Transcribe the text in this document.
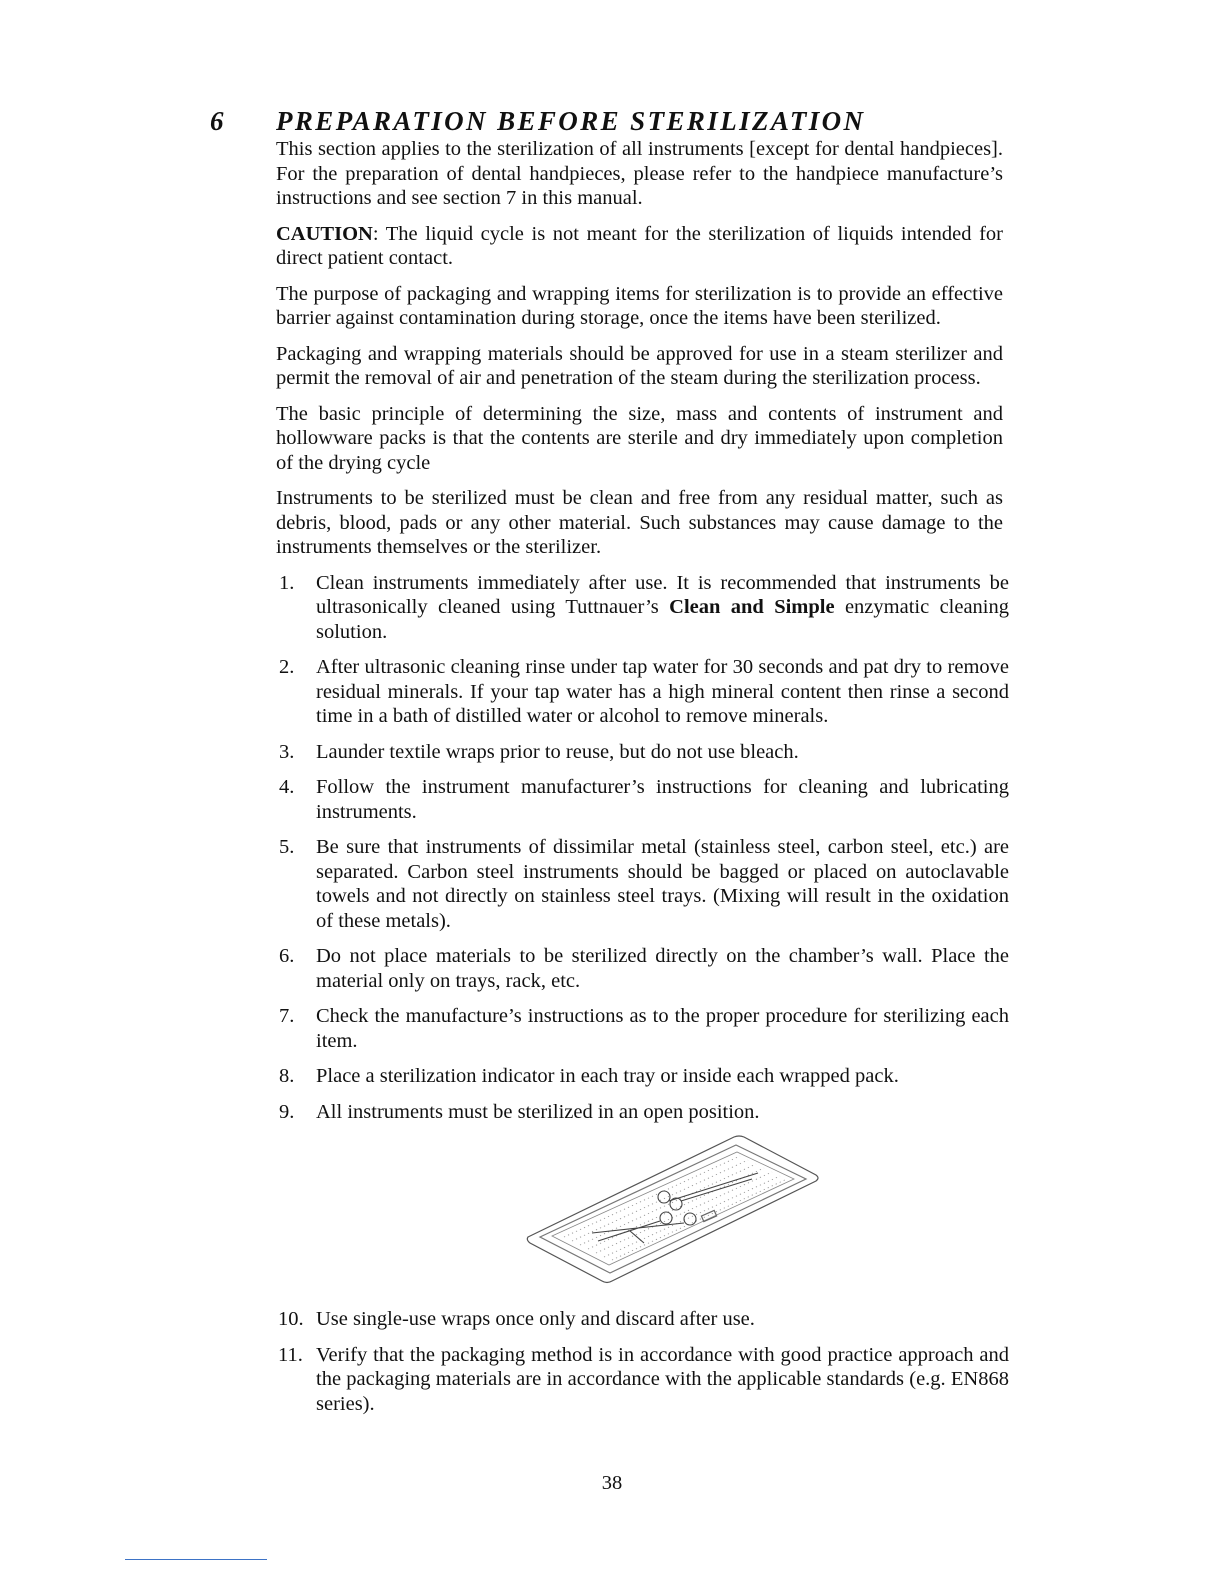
6 PREPARATION BEFORE STERILIZATION

This section applies to the sterilization of all instruments [except for dental handpieces]. For the preparation of dental handpieces, please refer to the handpiece manufacture’s instructions and see section 7 in this manual.

CAUTION: The liquid cycle is not meant for the sterilization of liquids intended for direct patient contact.

The purpose of packaging and wrapping items for sterilization is to provide an effective barrier against contamination during storage, once the items have been sterilized.

Packaging and wrapping materials should be approved for use in a steam sterilizer and permit the removal of air and penetration of the steam during the sterilization process.

The basic principle of determining the size, mass and contents of instrument and hollowware packs is that the contents are sterile and dry immediately upon completion of the drying cycle

Instruments to be sterilized must be clean and free from any residual matter, such as debris, blood, pads or any other material. Such substances may cause damage to the instruments themselves or the sterilizer.

1. Clean instruments immediately after use. It is recommended that instruments be ultrasonically cleaned using Tuttnauer’s Clean and Simple enzymatic cleaning solution.
2. After ultrasonic cleaning rinse under tap water for 30 seconds and pat dry to remove residual minerals. If your tap water has a high mineral content then rinse a second time in a bath of distilled water or alcohol to remove minerals.
3. Launder textile wraps prior to reuse, but do not use bleach.
4. Follow the instrument manufacturer’s instructions for cleaning and lubricating instruments.
5. Be sure that instruments of dissimilar metal (stainless steel, carbon steel, etc.) are separated. Carbon steel instruments should be bagged or placed on autoclavable towels and not directly on stainless steel trays. (Mixing will result in the oxidation of these metals).
6. Do not place materials to be sterilized directly on the chamber’s wall. Place the material only on trays, rack, etc.
7. Check the manufacture’s instructions as to the proper procedure for sterilizing each item.
8. Place a sterilization indicator in each tray or inside each wrapped pack.
9. All instruments must be sterilized in an open position.
10. Use single-use wraps once only and discard after use.
11. Verify that the packaging method is in accordance with good practice approach and the packaging materials are in accordance with the applicable standards (e.g. EN868 series).
38
